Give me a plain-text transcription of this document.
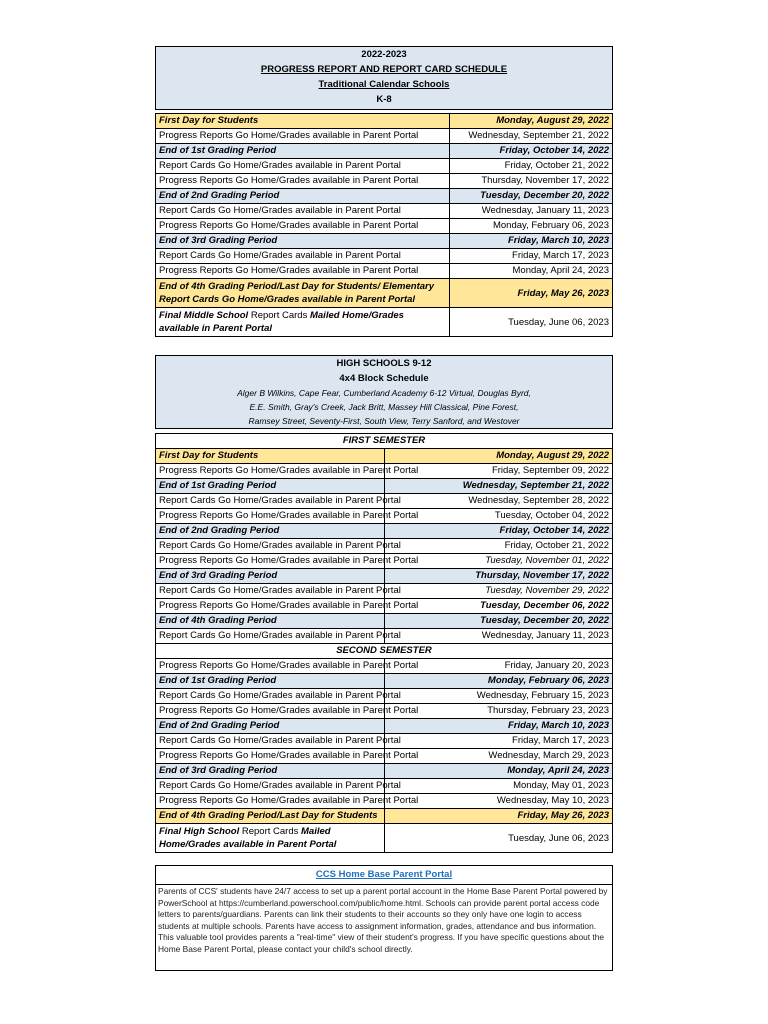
2022-2023
PROGRESS REPORT AND REPORT CARD SCHEDULE
Traditional Calendar Schools
K-8
First Day for Students	Monday, August 29, 2022
Progress Reports Go Home/Grades available in Parent Portal	Wednesday, September 21, 2022
End of 1st Grading Period	Friday, October 14, 2022
Report Cards Go Home/Grades available in Parent Portal	Friday, October 21, 2022
Progress Reports Go Home/Grades available in Parent Portal	Thursday, November 17, 2022
End of 2nd Grading Period	Tuesday, December 20, 2022
Report Cards Go Home/Grades available in Parent Portal	Wednesday, January 11, 2023
Progress Reports Go Home/Grades available in Parent Portal	Monday, February 06, 2023
End of 3rd Grading Period	Friday, March 10, 2023
Report Cards Go Home/Grades available in Parent Portal	Friday, March 17, 2023
Progress Reports Go Home/Grades available in Parent Portal	Monday, April 24, 2023
End of 4th Grading Period/Last Day for Students/ Elementary Report Cards Go Home/Grades available in Parent Portal	Friday, May 26, 2023
Final Middle School Report Cards Mailed Home/Grades available in Parent Portal	Tuesday, June 06, 2023
HIGH SCHOOLS 9-12
4x4 Block Schedule
Alger B Wilkins, Cape Fear, Cumberland Academy 6-12 Virtual, Douglas Byrd,
E.E. Smith, Gray's Creek, Jack Britt, Massey Hill Classical, Pine Forest,
Ramsey Street, Seventy-First, South View, Terry Sanford, and Westover
FIRST SEMESTER	
First Day for Students	Monday, August 29, 2022
Progress Reports Go Home/Grades available in Parent Portal	Friday, September 09, 2022
End of 1st Grading Period	Wednesday, September 21, 2022
Report Cards Go Home/Grades available in Parent Portal	Wednesday, September 28, 2022
Progress Reports Go Home/Grades available in Parent Portal	Tuesday, October 04, 2022
End of 2nd Grading Period	Friday, October 14, 2022
Report Cards Go Home/Grades available in Parent Portal	Friday, October 21, 2022
Progress Reports Go Home/Grades available in Parent Portal	Tuesday, November 01, 2022
End of 3rd Grading Period	Thursday, November 17, 2022
Report Cards Go Home/Grades available in Parent Portal	Tuesday, November 29, 2022
Progress Reports Go Home/Grades available in Parent Portal	Tuesday, December 06, 2022
End of 4th Grading Period	Tuesday, December 20, 2022
Report Cards Go Home/Grades available in Parent Portal	Wednesday, January 11, 2023
SECOND SEMESTER	
Progress Reports Go Home/Grades available in Parent Portal	Friday, January 20, 2023
End of 1st Grading Period	Monday, February 06, 2023
Report Cards Go Home/Grades available in Parent Portal	Wednesday, February 15, 2023
Progress Reports Go Home/Grades available in Parent Portal	Thursday, February 23, 2023
End of 2nd Grading Period	Friday, March 10, 2023
Report Cards Go Home/Grades available in Parent Portal	Friday, March 17, 2023
Progress Reports Go Home/Grades available in Parent Portal	Wednesday, March 29, 2023
End of 3rd Grading Period	Monday, April 24, 2023
Report Cards Go Home/Grades available in Parent Portal	Monday, May 01, 2023
Progress Reports Go Home/Grades available in Parent Portal	Wednesday, May 10, 2023
End of 4th Grading Period/Last Day for Students	Friday, May 26, 2023
Final High School Report Cards Mailed Home/Grades available in Parent Portal	Tuesday, June 06, 2023
CCS Home Base Parent Portal
Parents of CCS' students have 24/7 access to set up a parent portal account in the Home Base Parent Portal powered by PowerSchool at https://cumberland.powerschool.com/public/home.html. Schools can provide parent portal access code letters to parents/guardians. Parents can link their students to their accounts so they only have one login to access students at multiple schools. Parents have access to assignment information, grades, attendance and bus information. This valuable tool provides parents a "real-time" view of their student's progress. If you have specific questions about the Home Base Parent Portal, please contact your child's school directly.
